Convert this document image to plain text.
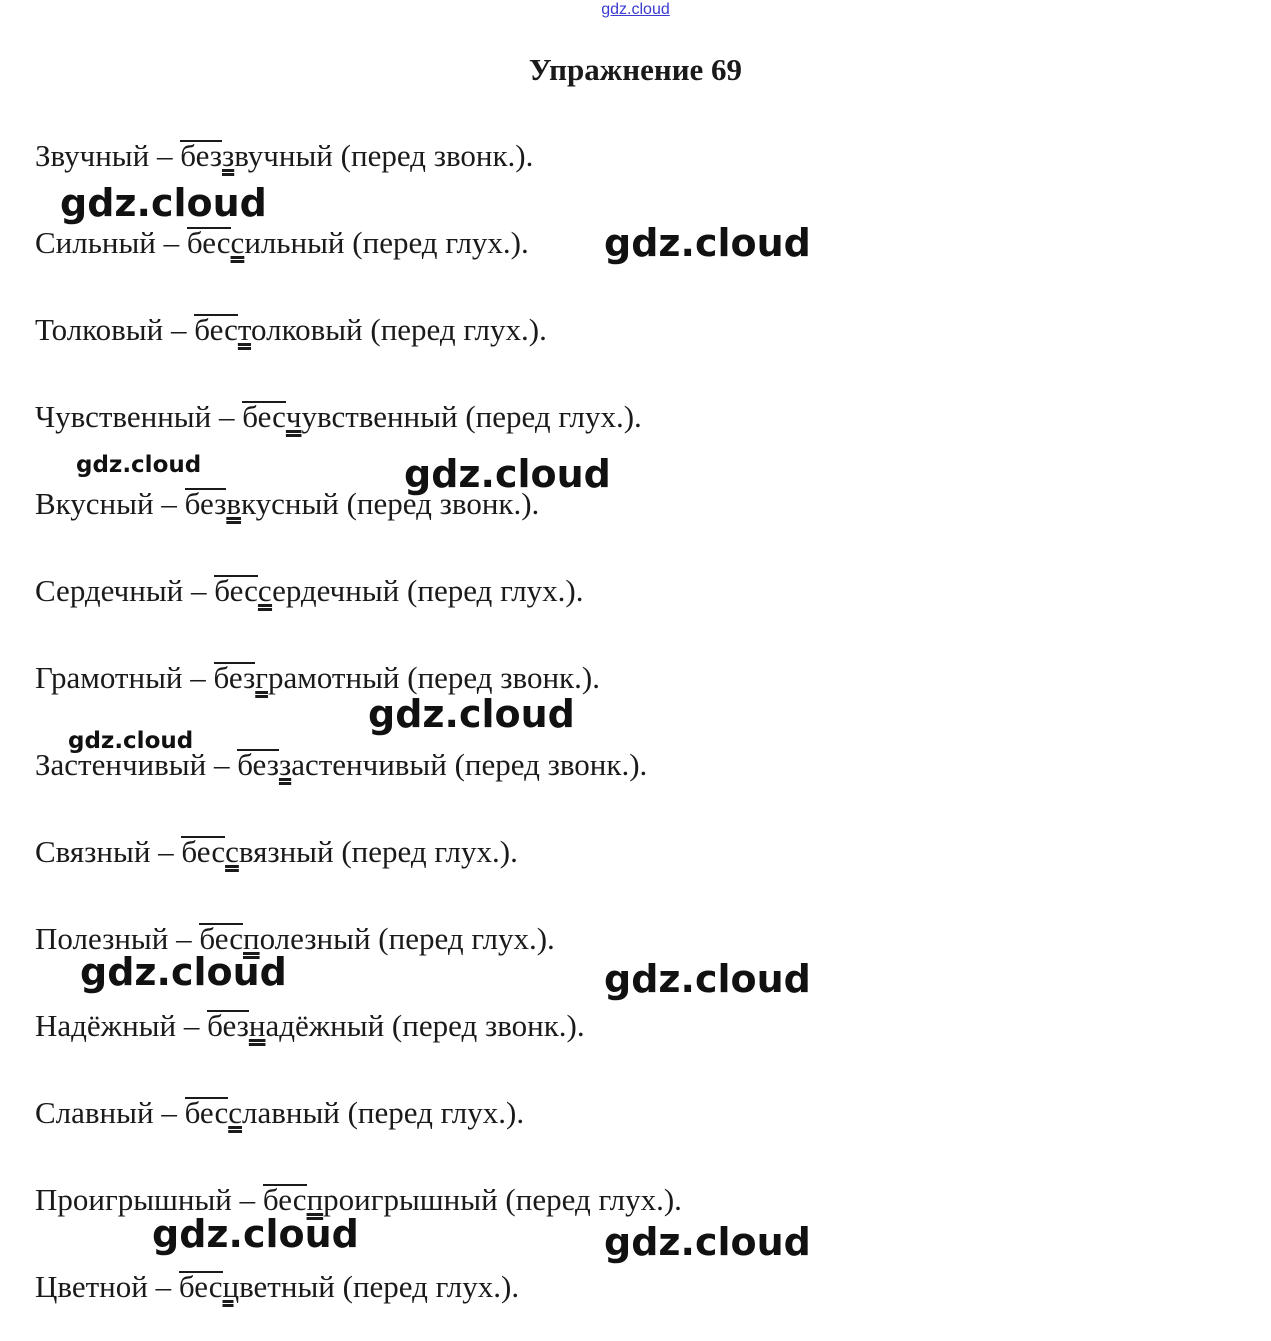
gdz.cloud
Упражнение 69
Звучный – беззвучный (перед звонк.).
Сильный – бессильный (перед глух.).
Толковый – бестолковый (перед глух.).
Чувственный – бесчувственный (перед глух.).
Вкусный – безвкусный (перед звонк.).
Сердечный – бессердечный (перед глух.).
Грамотный – безграмотный (перед звонк.).
Застенчивый – беззастенчивый (перед звонк.).
Связный – бессвязный (перед глух.).
Полезный – бесполезный (перед глух.).
Надёжный – безнадёжный (перед звонк.).
Славный – бесславный (перед глух.).
Проигрышный – беспроигрышный (перед глух.).
Цветной – бесцветный (перед глух.).
gdz.cloud
gdz.cloud
gdz.cloud	gdz.cloud
gdz.cloud
gdz.cloud
gdz.cloud	gdz.cloud
gdz.cloud	gdz.cloud
